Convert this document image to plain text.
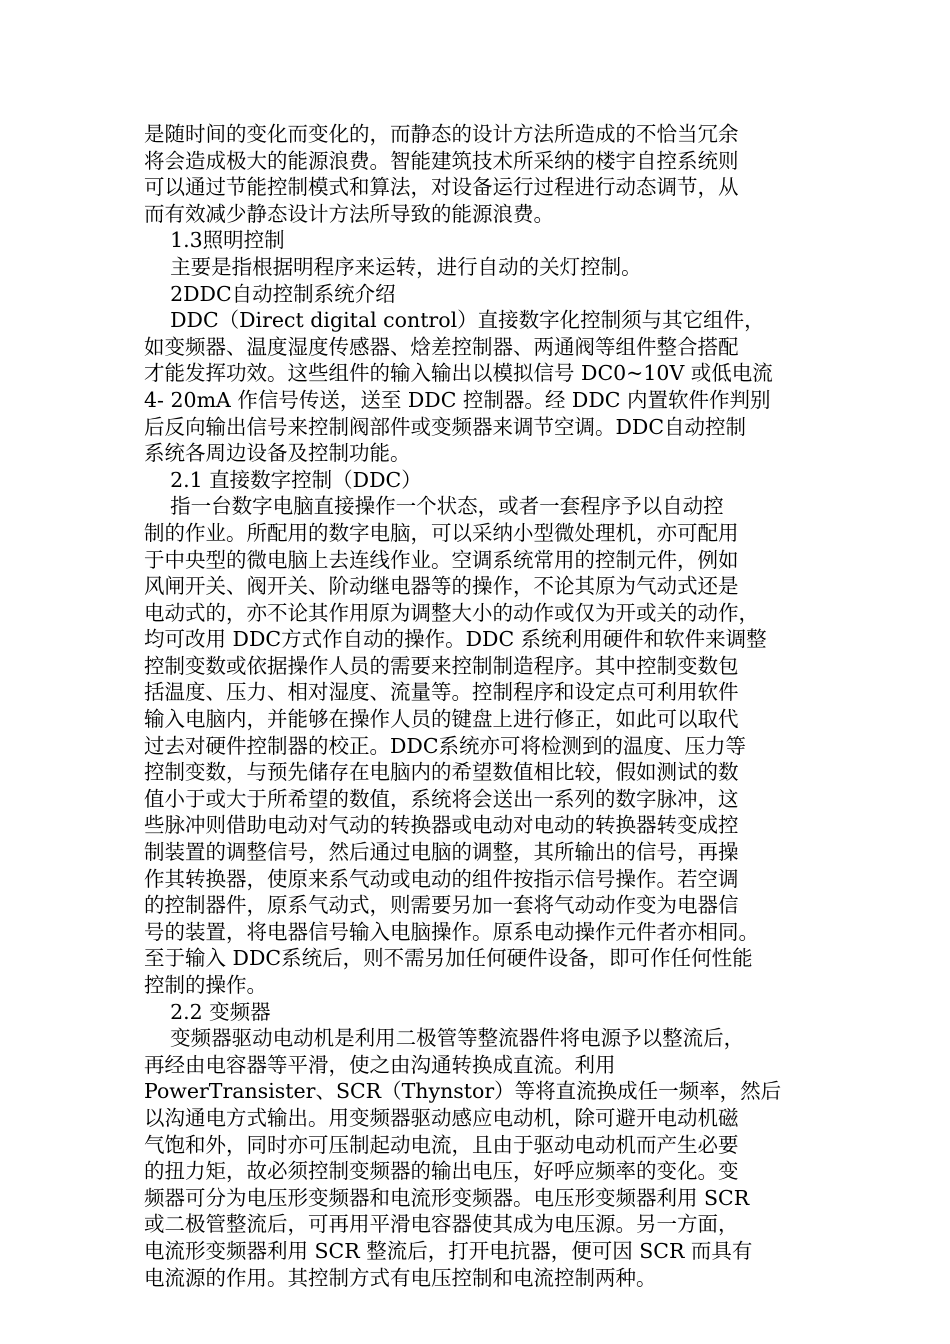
是随时间的变化而变化的，而静态的设计方法所造成的不恰当冗余
将会造成极大的能源浪费。智能建筑技术所采纳的楼宇自控系统则
可以通过节能控制模式和算法，对设备运行过程进行动态调节，从
而有效减少静态设计方法所导致的能源浪费。
1.3照明控制
主要是指根据明程序来运转，进行自动的关灯控制。
2DDC自动控制系统介绍
DDC（Direct digital control）直接数字化控制须与其它组件，
如变频器、温度湿度传感器、焓差控制器、两通阀等组件整合搭配
才能发挥功效。这些组件的输入输出以模拟信号 DC0~10V 或低电流
4- 20mA 作信号传送，送至 DDC 控制器。经 DDC 内置软件作判别
后反向输出信号来控制阀部件或变频器来调节空调。DDC自动控制
系统各周边设备及控制功能。
2.1 直接数字控制（DDC）
指一台数字电脑直接操作一个状态，或者一套程序予以自动控
制的作业。所配用的数字电脑，可以采纳小型微处理机，亦可配用
于中央型的微电脑上去连线作业。空调系统常用的控制元件，例如
风闸开关、阀开关、阶动继电器等的操作，不论其原为气动式还是
电动式的，亦不论其作用原为调整大小的动作或仅为开或关的动作，
均可改用 DDC方式作自动的操作。DDC 系统利用硬件和软件来调整
控制变数或依据操作人员的需要来控制制造程序。其中控制变数包
括温度、压力、相对湿度、流量等。控制程序和设定点可利用软件
输入电脑内，并能够在操作人员的键盘上进行修正，如此可以取代
过去对硬件控制器的校正。DDC系统亦可将检测到的温度、压力等
控制变数，与预先储存在电脑内的希望数值相比较，假如测试的数
值小于或大于所希望的数值，系统将会送出一系列的数字脉冲，这
些脉冲则借助电动对气动的转换器或电动对电动的转换器转变成控
制装置的调整信号，然后通过电脑的调整，其所输出的信号，再操
作其转换器，使原来系气动或电动的组件按指示信号操作。若空调
的控制器件，原系气动式，则需要另加一套将气动动作变为电器信
号的装置，将电器信号输入电脑操作。原系电动操作元件者亦相同。
至于输入 DDC系统后，则不需另加任何硬件设备，即可作任何性能
控制的操作。
2.2 变频器
变频器驱动电动机是利用二极管等整流器件将电源予以整流后，
再经由电容器等平滑，使之由沟通转换成直流。利用
PowerTransister、SCR（Thynstor）等将直流换成任一频率，然后
以沟通电方式输出。用变频器驱动感应电动机，除可避开电动机磁
气饱和外，同时亦可压制起动电流，且由于驱动电动机而产生必要
的扭力矩，故必须控制变频器的输出电压，好呼应频率的变化。变
频器可分为电压形变频器和电流形变频器。电压形变频器利用 SCR
或二极管整流后，可再用平滑电容器使其成为电压源。另一方面，
电流形变频器利用 SCR 整流后，打开电抗器，便可因 SCR 而具有
电流源的作用。其控制方式有电压控制和电流控制两种。
